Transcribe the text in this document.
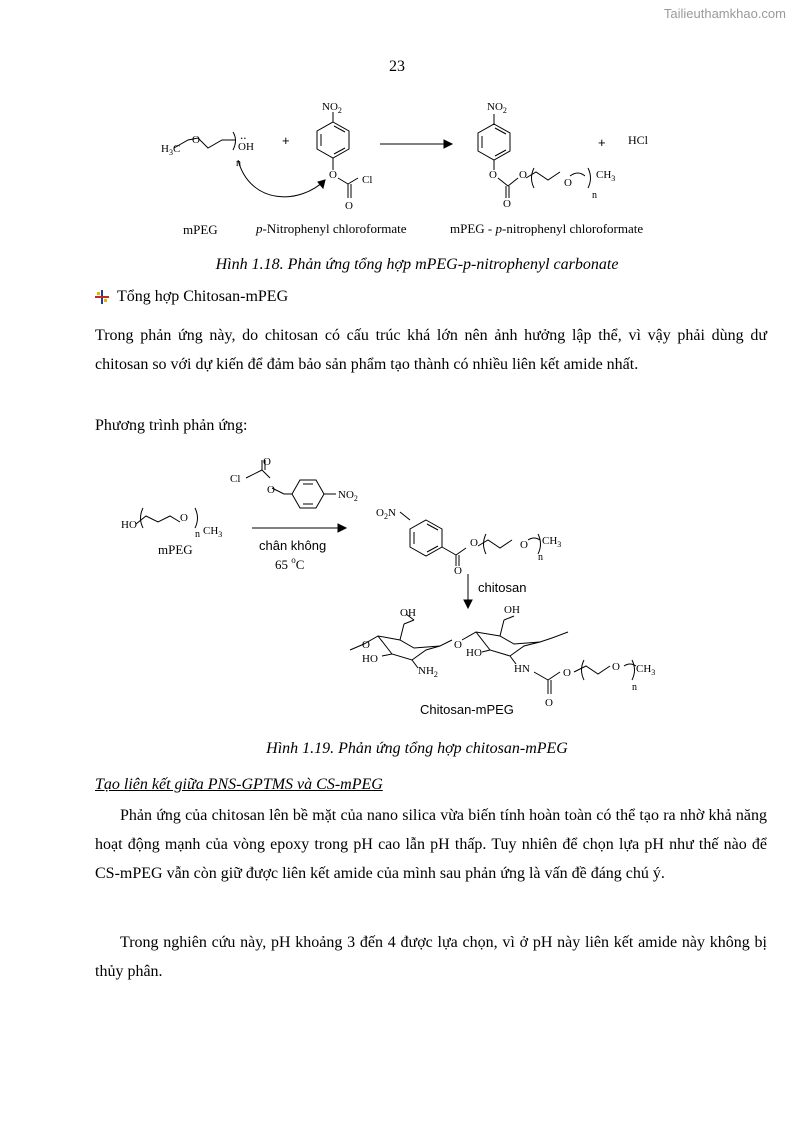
Tailieuthamkhao.com
23
$H_3C$
O
OH
..
n
+
$NO_2$
O Cl
O
$NO_2$
O O
O
O
$CH_3$
n
+ HCl
mPEG	p-Nitrophenyl chloroformate	mPEG - p-nitrophenyl chloroformate
Hình 1.18. Phản ứng tổng hợp mPEG-p-nitrophenyl carbonate
Tổng hợp Chitosan-mPEG
Trong phản ứng này, do chitosan có cấu trúc khá lớn nên ảnh hưởng lập thể, vì vậy phải dùng dư chitosan so với dự kiến để đảm bảo sản phẩm tạo thành có nhiều liên kết amide nhất.
Phương trình phản ứng:
O
Cl
O	$NO_2$
HO
O
$CH_3$
n
mPEG	chân không
65 $^o$C
$O_2N$
O
O
O $CH_3$
n
chitosan
OH	OH
O
HO
$NH_2$
O
HO
HN	O
O
O $CH_3$
n
Chitosan-mPEG
Hình 1.19. Phản ứng tổng hợp chitosan-mPEG
Tạo liên kết giữa PNS-GPTMS và CS-mPEG
Phản ứng của chitosan lên bề mặt của nano silica vừa biến tính hoàn toàn có thể tạo ra nhờ khả năng hoạt động mạnh của vòng epoxy trong pH cao lẫn pH thấp. Tuy nhiên để chọn lựa pH như thế nào để CS-mPEG vẫn còn giữ được liên kết amide của mình sau phản ứng là vấn đề đáng chú ý.
Trong nghiên cứu này, pH khoảng 3 đến 4 được lựa chọn, vì ở pH này liên kết amide này không bị thủy phân.
